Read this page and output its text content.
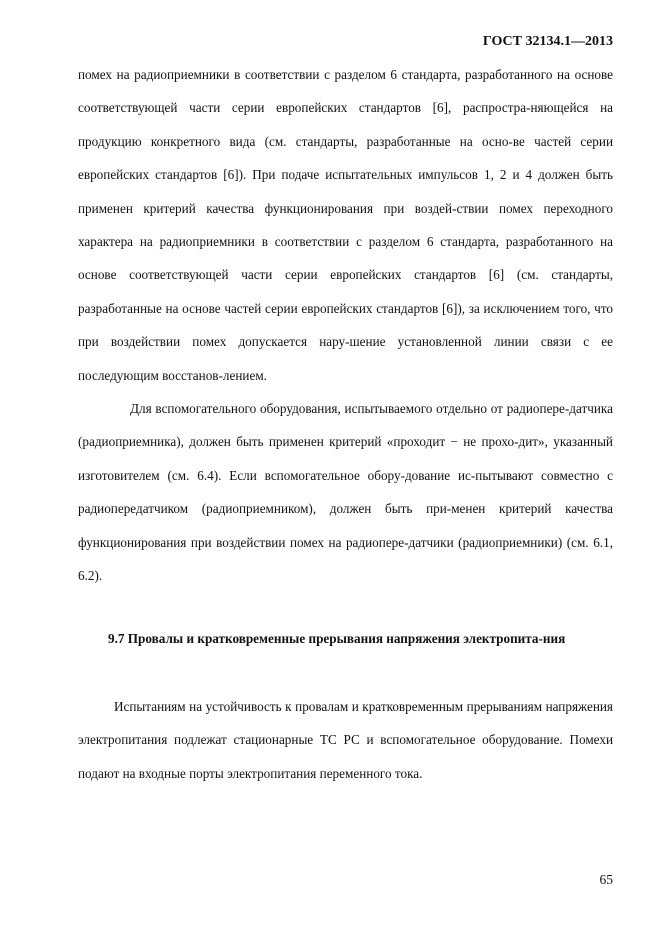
ГОСТ 32134.1—2013
помех на радиоприемники в соответствии с разделом 6 стандарта, разработанного на основе соответствующей части серии европейских стандартов [6], распростра-няющейся на продукцию конкретного вида (см. стандарты, разработанные на осно-ве частей серии европейских стандартов [6]). При подаче испытательных импульсов 1, 2 и 4 должен быть применен критерий качества функционирования при воздей-ствии помех переходного характера на радиоприемники в соответствии с разделом 6 стандарта, разработанного на основе соответствующей части серии европейских стандартов [6] (см. стандарты, разработанные на основе частей серии европейских стандартов [6]), за исключением того, что при воздействии помех допускается нару-шение установленной линии связи с ее последующим восстанов-лением.
Для вспомогательного оборудования, испытываемого отдельно от радиопере-датчика (радиоприемника), должен быть применен критерий «проходит − не прохо-дит», указанный изготовителем (см. 6.4). Если вспомогательное обору-дование ис-пытывают совместно с радиопередатчиком (радиоприемником), должен быть при-менен критерий качества функционирования при воздействии помех на радиопере-датчики (радиоприемники) (см. 6.1, 6.2).
9.7 Провалы и кратковременные прерывания напряжения электропита-ния
Испытаниям на устойчивость к провалам и кратковременным прерываниям напряжения электропитания подлежат стационарные ТС РС и вспомогательное оборудование. Помехи подают на входные порты электропитания переменного тока.
65
